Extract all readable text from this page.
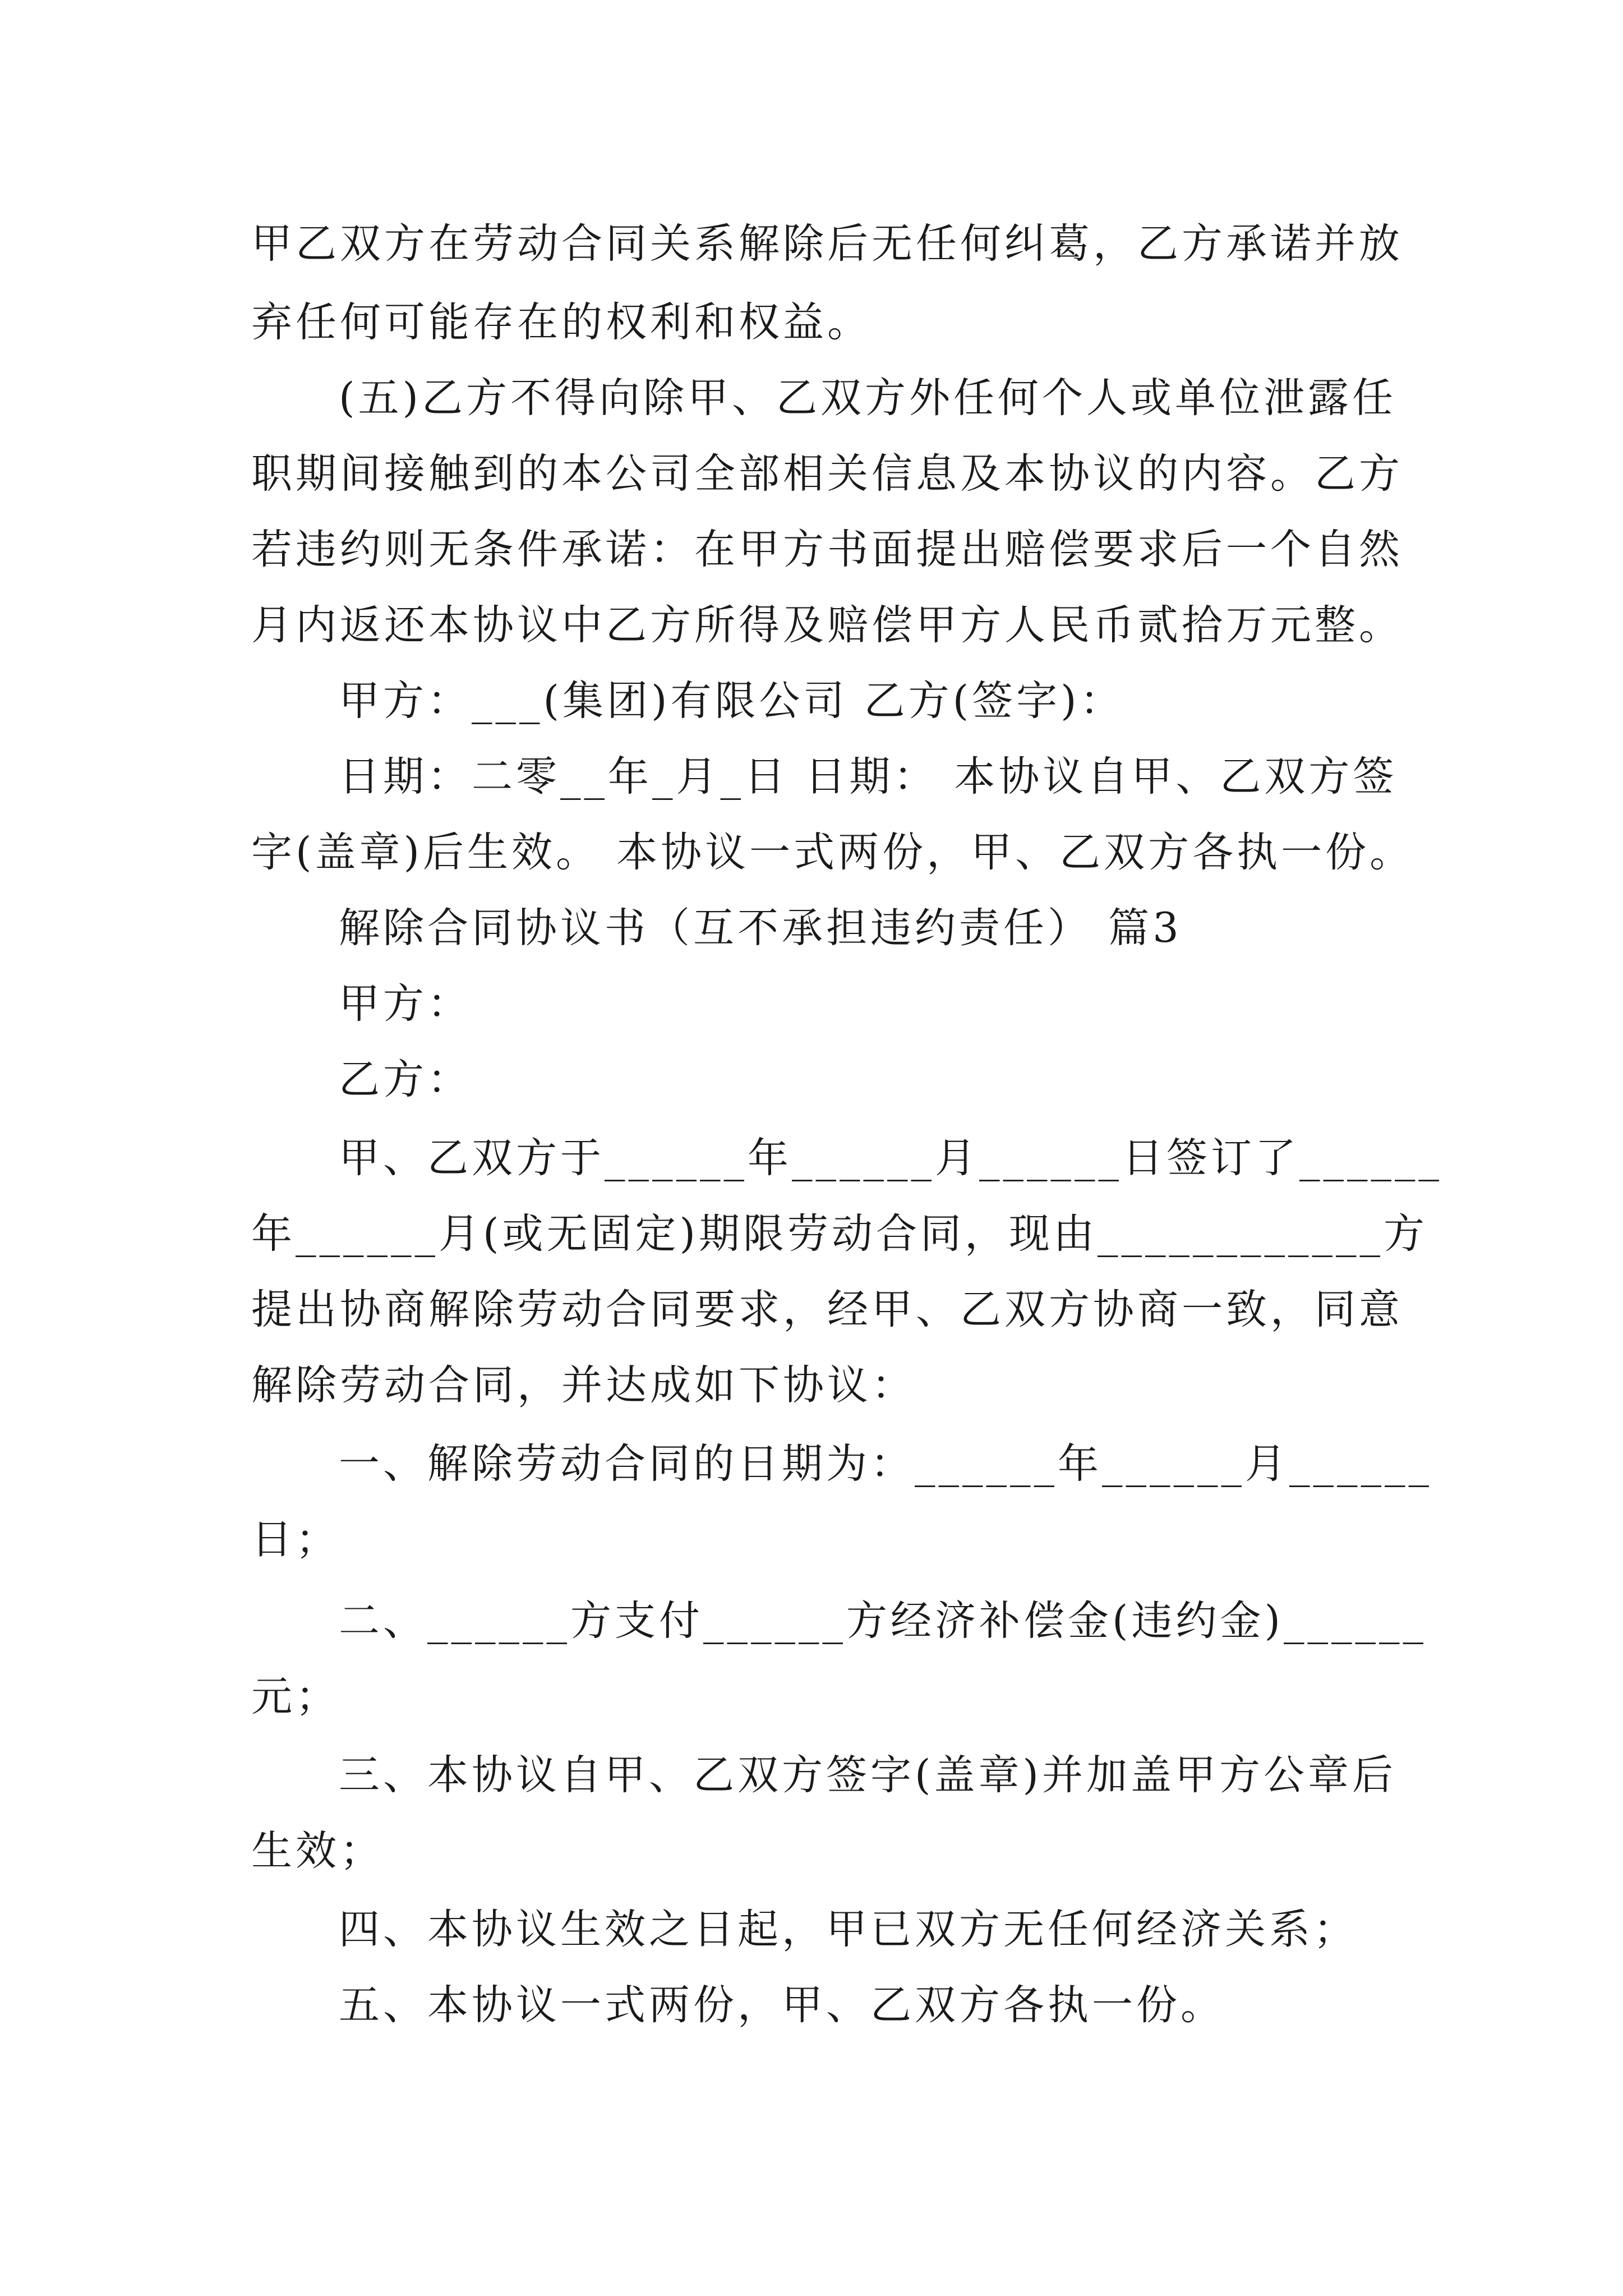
甲乙双方在劳动合同关系解除后无任何纠葛，乙方承诺并放
弃任何可能存在的权利和权益。
(五)乙方不得向除甲、乙双方外任何个人或单位泄露任
职期间接触到的本公司全部相关信息及本协议的内容。乙方
若违约则无条件承诺：在甲方书面提出赔偿要求后一个自然
月内返还本协议中乙方所得及赔偿甲方人民币贰拾万元整。
甲方：___(集团)有限公司 乙方(签字)：
日期：二零__年_月_日 日期： 本协议自甲、乙双方签
字(盖章)后生效。 本协议一式两份，甲、乙双方各执一份。
解除合同协议书（互不承担违约责任） 篇3
甲方：
乙方：
甲、乙双方于______年______月______日签订了______
年______月(或无固定)期限劳动合同，现由____________方
提出协商解除劳动合同要求，经甲、乙双方协商一致，同意
解除劳动合同，并达成如下协议：
一、解除劳动合同的日期为：______年______月______
日；
二、______方支付______方经济补偿金(违约金)______
元；
三、本协议自甲、乙双方签字(盖章)并加盖甲方公章后
生效；
四、本协议生效之日起，甲已双方无任何经济关系；
五、本协议一式两份，甲、乙双方各执一份。
